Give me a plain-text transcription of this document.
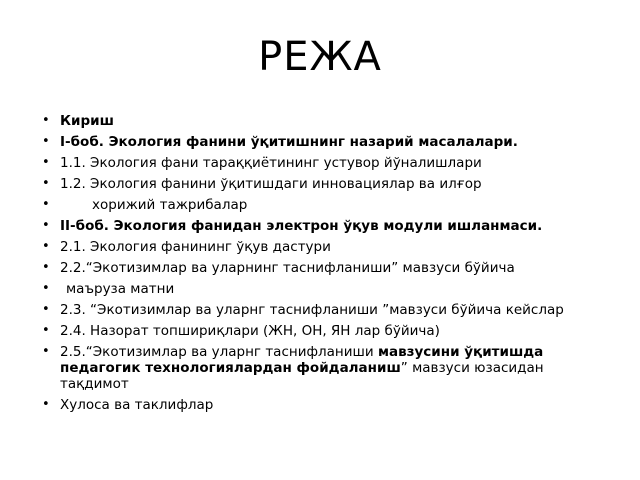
РЕЖА
• Кириш
• I-боб. Экология фанини ўқитишнинг назарий масалалари.
• 1.1. Экология фани тараққиётининг устувор йўналишлари
• 1.2. Экология фанини ўқитишдаги инновациялар ва илғор
•	хорижий тажрибалар
• II-боб. Экология фанидан электрон ўқув модули ишланмаси.
• 2.1. Экология фанининг ўқув дастури
• 2.2.“Экотизимлар ва уларнинг таснифланиши” мавзуси бўйича
• маъруза матни
• 2.3. “Экотизимлар ва уларнг таснифланиши ”мавзуси бўйича кейслар
• 2.4. Назорат топшириқлари (ЖН, ОН, ЯН лар бўйича)
• 2.5.“Экотизимлар ва уларнг таснифланиши мавзусини ўқитишда педагогик технологиялардан фойдаланиш” мавзуси юзасидан тақдимот
• Хулоса ва таклифлар
